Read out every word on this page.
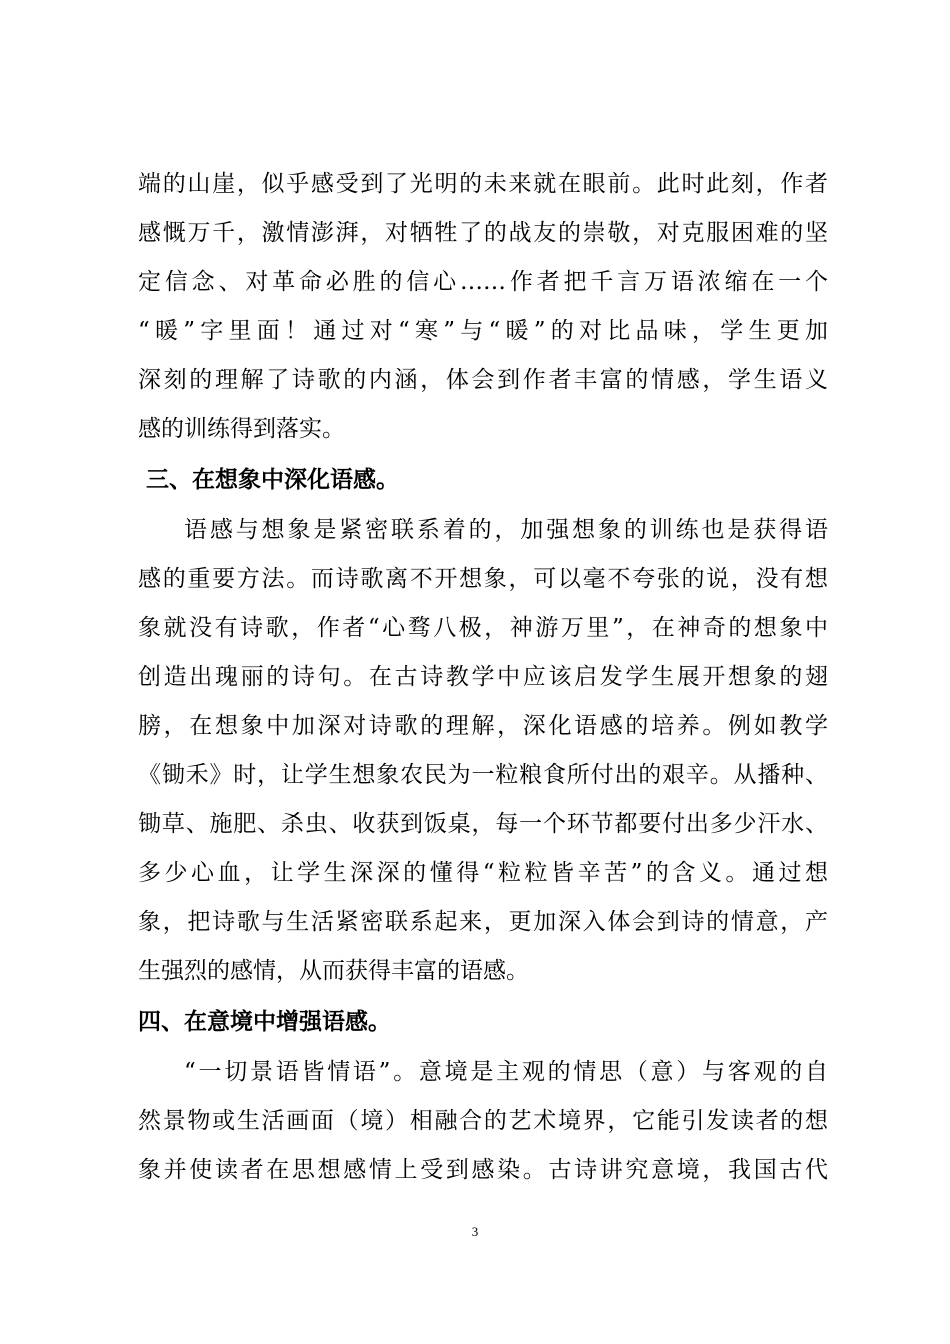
端的山崖，似乎感受到了光明的未来就在眼前。此时此刻，作者
感慨万千，激情澎湃，对牺牲了的战友的崇敬，对克服困难的坚
定信念、对革命必胜的信心……作者把千言万语浓缩在一个
“暖”字里面！通过对“寒”与“暖”的对比品味，学生更加
深刻的理解了诗歌的内涵，体会到作者丰富的情感，学生语义
感的训练得到落实。
三、在想象中深化语感。
语感与想象是紧密联系着的，加强想象的训练也是获得语
感的重要方法。而诗歌离不开想象，可以毫不夸张的说，没有想
象就没有诗歌，作者“心骛八极，神游万里”，在神奇的想象中
创造出瑰丽的诗句。在古诗教学中应该启发学生展开想象的翅
膀，在想象中加深对诗歌的理解，深化语感的培养。例如教学
《锄禾》时，让学生想象农民为一粒粮食所付出的艰辛。从播种、
锄草、施肥、杀虫、收获到饭桌，每一个环节都要付出多少汗水、
多少心血，让学生深深的懂得“粒粒皆辛苦”的含义。通过想
象，把诗歌与生活紧密联系起来，更加深入体会到诗的情意，产
生强烈的感情，从而获得丰富的语感。
四、在意境中增强语感。
“一切景语皆情语”。意境是主观的情思（意）与客观的自
然景物或生活画面（境）相融合的艺术境界，它能引发读者的想
象并使读者在思想感情上受到感染。古诗讲究意境，我国古代
3
